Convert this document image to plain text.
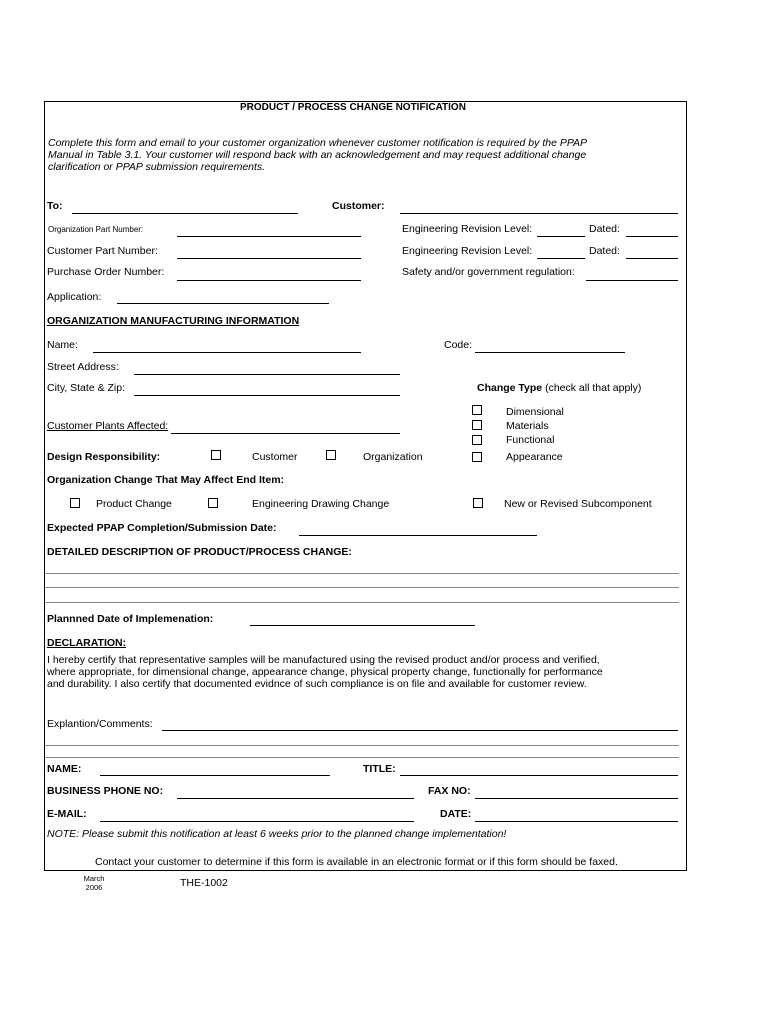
PRODUCT / PROCESS CHANGE NOTIFICATION
Complete this form and email to your customer organization whenever customer notification is required by the PPAP
Manual in Table 3.1. Your customer will respond back with an acknowledgement and may request additional change
clarification or PPAP submission requirements.
To:	Customer:
Organization Part Number:	Engineering Revision Level:	Dated:
Customer Part Number:	Engineering Revision Level:	Dated:
Purchase Order Number:	Safety and/or government regulation:
Application:
ORGANIZATION MANUFACTURING INFORMATION
Name:	Code:
Street Address:
City, State & Zip:	Change Type (check all that apply)
Dimensional
Materials
Functional
Appearance
Customer Plants Affected:
Design Responsibility:	Customer	Organization
Organization Change That May Affect End Item:
Product Change	Engineering Drawing Change	New or Revised Subcomponent
Expected PPAP Completion/Submission Date:
DETAILED DESCRIPTION OF PRODUCT/PROCESS CHANGE:
Plannned Date of Implemenation:
DECLARATION:
I hereby certify that representative samples will be manufactured using the revised product and/or process and verified,
where appropriate, for dimensional change, appearance change, physical property change, functionally for performance
and durability. I also certify that documented evidnce of such compliance is on file and available for customer review.
Explantion/Comments:
NAME:	TITLE:
BUSINESS PHONE NO:	FAX NO:
E-MAIL:	DATE:
NOTE: Please submit this notification at least 6 weeks prior to the planned change implementation!
Contact your customer to determine if this form is available in an electronic format or if this form should be faxed.
March
2006	THE-1002
